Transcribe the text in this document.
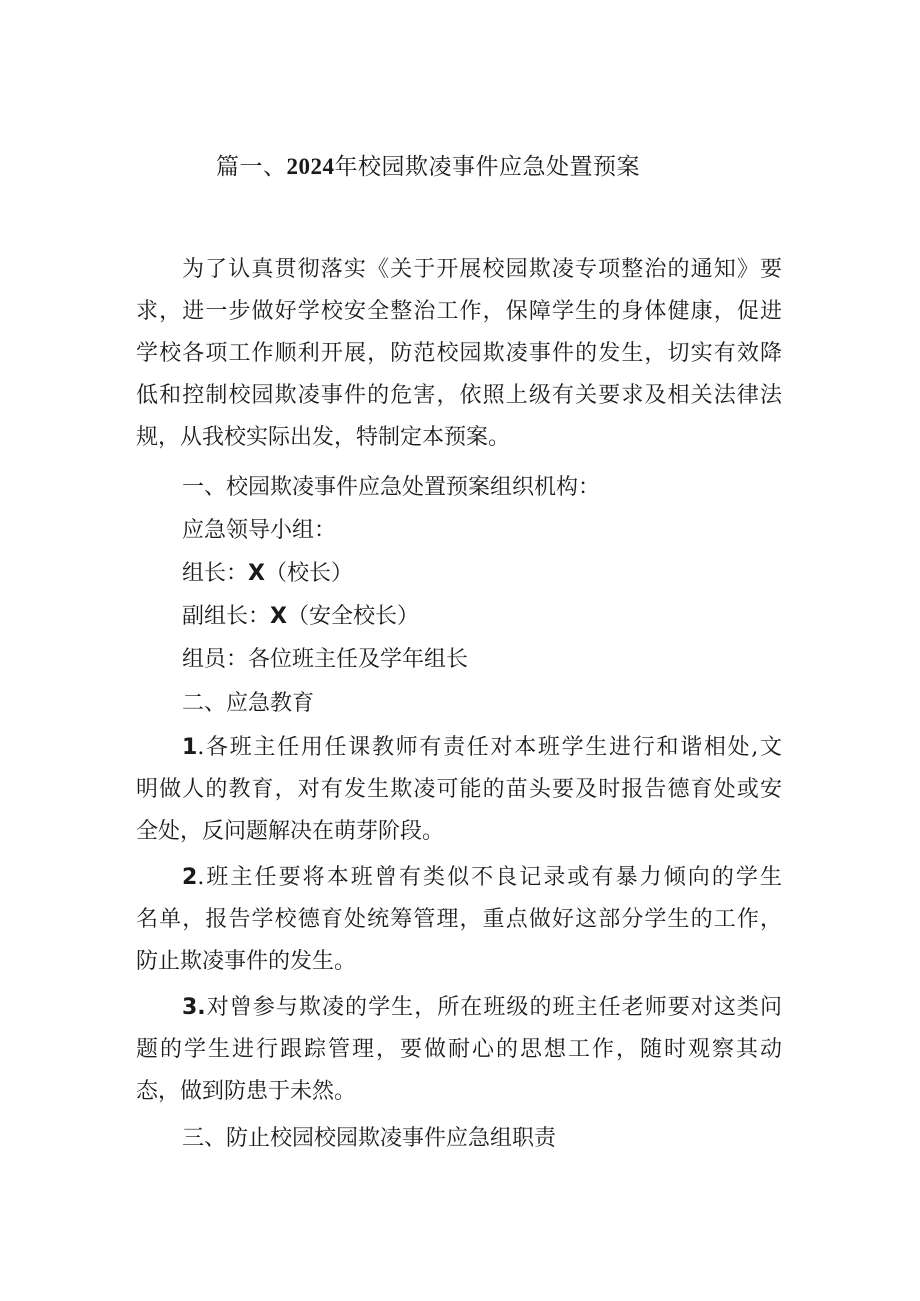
篇一、2024年校园欺凌事件应急处置预案
为了认真贯彻落实《关于开展校园欺凌专项整治的通知》要
求，进一步做好学校安全整治工作，保障学生的身体健康，促进
学校各项工作顺利开展，防范校园欺凌事件的发生，切实有效降
低和控制校园欺凌事件的危害，依照上级有关要求及相关法律法
规，从我校实际出发，特制定本预案。
一、校园欺凌事件应急处置预案组织机构：
应急领导小组：
组长：X（校长）
副组长：X（安全校长）
组员：各位班主任及学年组长
二、应急教育
1.各班主任用任课教师有责任对本班学生进行和谐相处,文
明做人的教育，对有发生欺凌可能的苗头要及时报告德育处或安
全处，反问题解决在萌芽阶段。
2.班主任要将本班曾有类似不良记录或有暴力倾向的学生
名单，报告学校德育处统筹管理，重点做好这部分学生的工作，
防止欺凌事件的发生。
3.对曾参与欺凌的学生，所在班级的班主任老师要对这类问
题的学生进行跟踪管理，要做耐心的思想工作，随时观察其动
态，做到防患于未然。
三、防止校园校园欺凌事件应急组职责
